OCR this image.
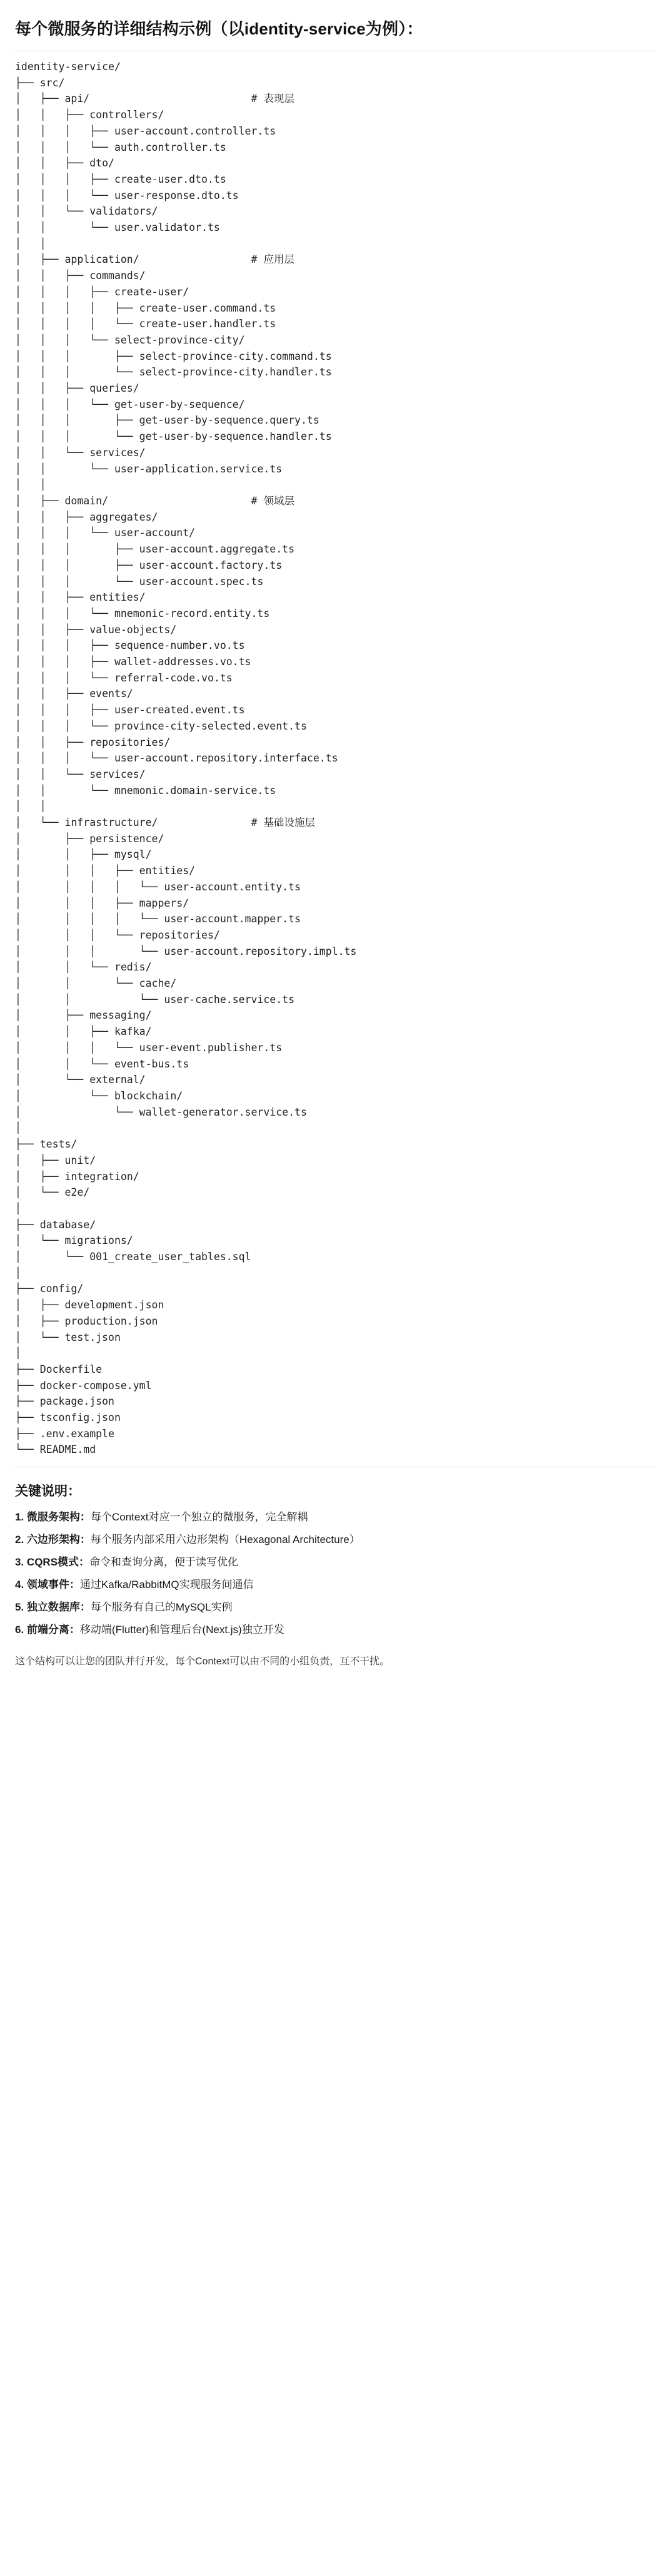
每个微服务的详细结构示例（以identity-service为例）：
identity-service/
├── src/
│   ├── api/                          # 表现层
│   │   ├── controllers/
│   │   │   ├── user-account.controller.ts
│   │   │   └── auth.controller.ts
│   │   ├── dto/
│   │   │   ├── create-user.dto.ts
│   │   │   └── user-response.dto.ts
│   │   └── validators/
│   │       └── user.validator.ts
│   │
│   ├── application/                  # 应用层
│   │   ├── commands/
│   │   │   ├── create-user/
│   │   │   │   ├── create-user.command.ts
│   │   │   │   └── create-user.handler.ts
│   │   │   └── select-province-city/
│   │   │       ├── select-province-city.command.ts
│   │   │       └── select-province-city.handler.ts
│   │   ├── queries/
│   │   │   └── get-user-by-sequence/
│   │   │       ├── get-user-by-sequence.query.ts
│   │   │       └── get-user-by-sequence.handler.ts
│   │   └── services/
│   │       └── user-application.service.ts
│   │
│   ├── domain/                       # 领域层
│   │   ├── aggregates/
│   │   │   └── user-account/
│   │   │       ├── user-account.aggregate.ts
│   │   │       ├── user-account.factory.ts
│   │   │       └── user-account.spec.ts
│   │   ├── entities/
│   │   │   └── mnemonic-record.entity.ts
│   │   ├── value-objects/
│   │   │   ├── sequence-number.vo.ts
│   │   │   ├── wallet-addresses.vo.ts
│   │   │   └── referral-code.vo.ts
│   │   ├── events/
│   │   │   ├── user-created.event.ts
│   │   │   └── province-city-selected.event.ts
│   │   ├── repositories/
│   │   │   └── user-account.repository.interface.ts
│   │   └── services/
│   │       └── mnemonic.domain-service.ts
│   │
│   └── infrastructure/               # 基础设施层
│       ├── persistence/
│       │   ├── mysql/
│       │   │   ├── entities/
│       │   │   │   └── user-account.entity.ts
│       │   │   ├── mappers/
│       │   │   │   └── user-account.mapper.ts
│       │   │   └── repositories/
│       │   │       └── user-account.repository.impl.ts
│       │   └── redis/
│       │       └── cache/
│       │           └── user-cache.service.ts
│       ├── messaging/
│       │   ├── kafka/
│       │   │   └── user-event.publisher.ts
│       │   └── event-bus.ts
│       └── external/
│           └── blockchain/
│               └── wallet-generator.service.ts
│
├── tests/
│   ├── unit/
│   ├── integration/
│   └── e2e/
│
├── database/
│   └── migrations/
│       └── 001_create_user_tables.sql
│
├── config/
│   ├── development.json
│   ├── production.json
│   └── test.json
│
├── Dockerfile
├── docker-compose.yml
├── package.json
├── tsconfig.json
├── .env.example
└── README.md
关键说明：
1. 微服务架构：每个Context对应一个独立的微服务，完全解耦
2. 六边形架构：每个服务内部采用六边形架构（Hexagonal Architecture）
3. CQRS模式：命令和查询分离，便于读写优化
4. 领域事件：通过Kafka/RabbitMQ实现服务间通信
5. 独立数据库：每个服务有自己的MySQL实例
6. 前端分离：移动端(Flutter)和管理后台(Next.js)独立开发
这个结构可以让您的团队并行开发，每个Context可以由不同的小组负责，互不干扰。
